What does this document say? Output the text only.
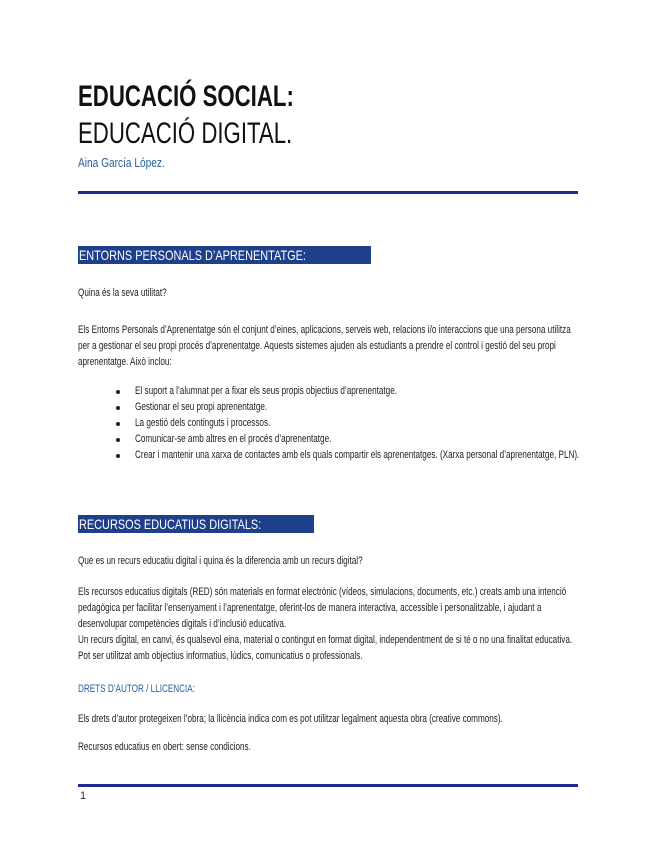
EDUCACIÓ SOCIAL:
EDUCACIÓ DIGITAL.
Aina García López.
ENTORNS PERSONALS D’APRENENTATGE:
Quina és la seva utilitat?
Els Entorns Personals d’Aprenentatge són el conjunt d’eines, aplicacions, serveis web, relacions i/o interaccions que una persona utilitza
per a gestionar el seu propi procés d’aprenentatge. Aquests sistemes ajuden als estudiants a prendre el control i gestió del seu propi
aprenentatge. Això inclou:
El suport a l’alumnat per a fixar els seus propis objectius d’aprenentatge.
Gestionar el seu propi aprenentatge.
La gestió dels continguts i processos.
Comunicar-se amb altres en el procés d’aprenentatge.
Crear i mantenir una xarxa de contactes amb els quals compartir els aprenentatges. (Xarxa personal d’aprenentatge, PLN).
RECURSOS EDUCATIUS DIGITALS:
Que es un recurs educatiu digital i quina és la diferencia amb un recurs digital?
Els recursos educatius digitals (RED) són materials en format electrònic (vídeos, simulacions, documents, etc.) creats amb una intenció
pedagògica per facilitar l’ensenyament i l’aprenentatge, oferint-los de manera interactiva, accessible i personalitzable, i ajudant a
desenvolupar competències digitals i d’inclusió educativa.
Un recurs digital, en canvi, és qualsevol eina, material o contingut en format digital, independentment de si té o no una finalitat educativa.
Pot ser utilitzat amb objectius informatius, lúdics, comunicatius o professionals.
DRETS D’AUTOR / LLICENCIA:
Els drets d’autor protegeixen l’obra; la llicència indica com es pot utilitzar legalment aquesta obra (creative commons).
Recursos educatius en obert: sense condicions.
1
